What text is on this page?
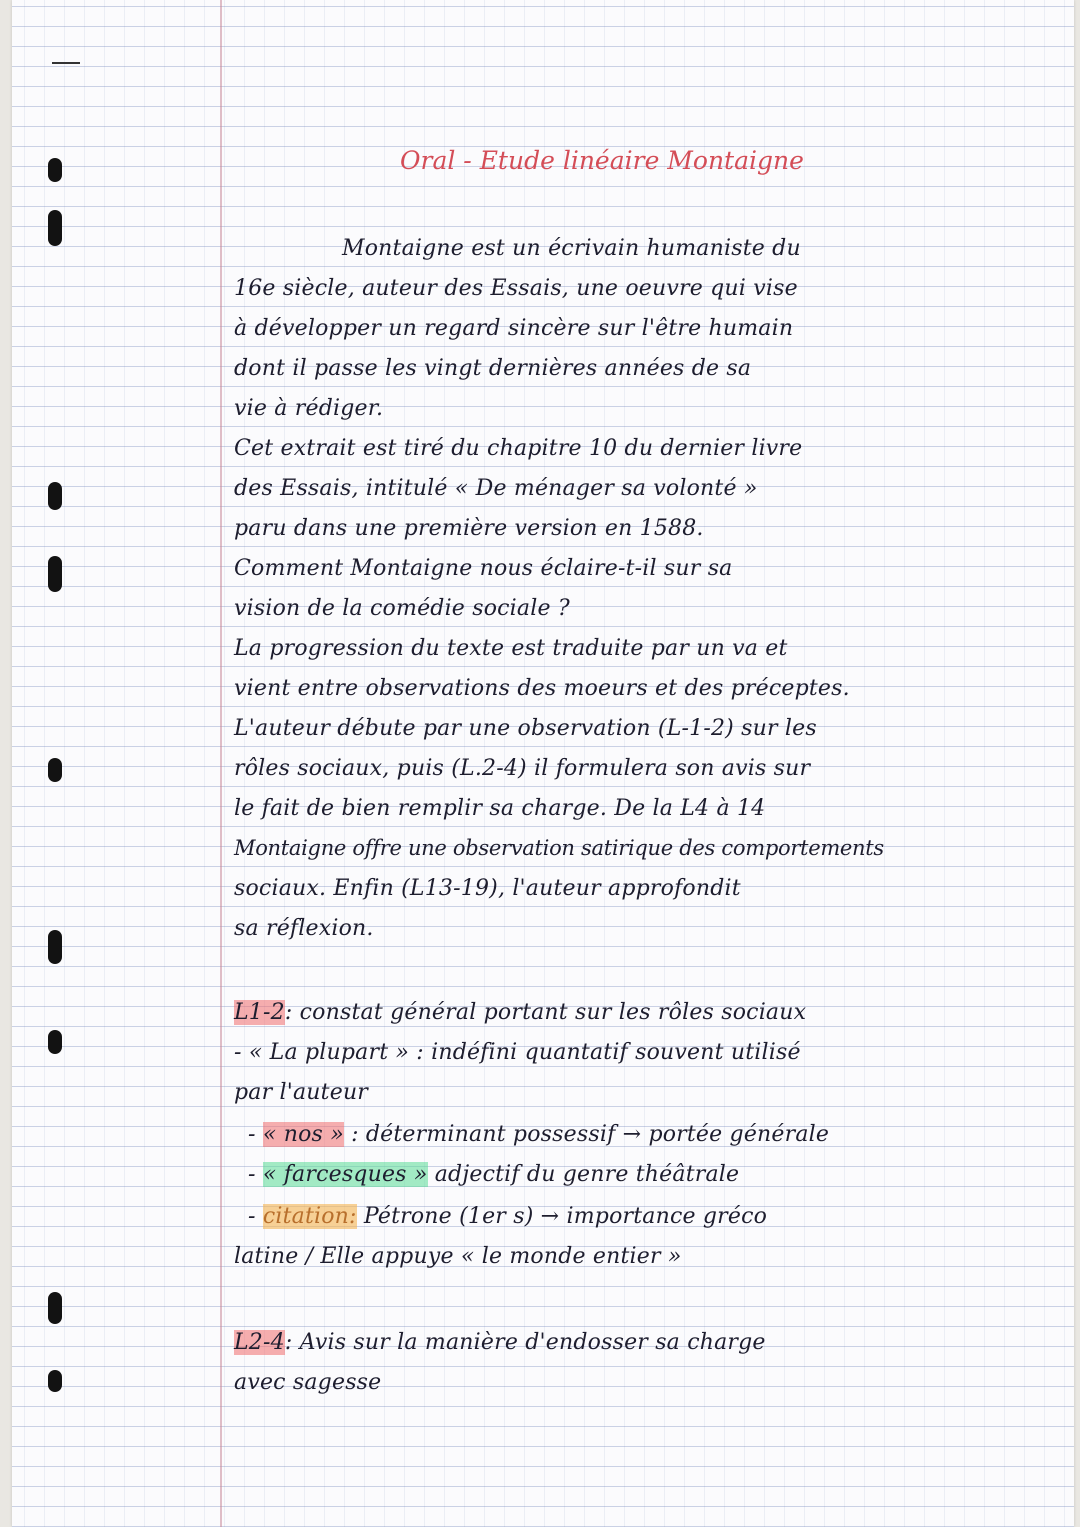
Oral - Etude linéaire Montaigne
Montaigne est un écrivain humaniste du
16e siècle, auteur des Essais, une oeuvre qui vise
à développer un regard sincère sur l'être humain
dont il passe les vingt dernières années de sa
vie à rédiger.
Cet extrait est tiré du chapitre 10 du dernier livre
des Essais, intitulé « De ménager sa volonté »
paru dans une première version en 1588.
Comment Montaigne nous éclaire-t-il sur sa
vision de la comédie sociale ?
La progression du texte est traduite par un va et
vient entre observations des moeurs et des préceptes.
L'auteur débute par une observation (L-1-2) sur les
rôles sociaux, puis (L.2-4) il formulera son avis sur
le fait de bien remplir sa charge. De la L4 à 14
Montaigne offre une observation satirique des comportements
sociaux. Enfin (L13-19), l'auteur approfondit
sa réflexion.
L1-2: constat général portant sur les rôles sociaux
- « La plupart » : indéfini quantatif souvent utilisé
par l'auteur
- « nos » : déterminant possessif → portée générale
- « farcesques » adjectif du genre théâtrale
- citation: Pétrone (1er s) → importance gréco
latine / Elle appuye « le monde entier »
L2-4: Avis sur la manière d'endosser sa charge
avec sagesse
